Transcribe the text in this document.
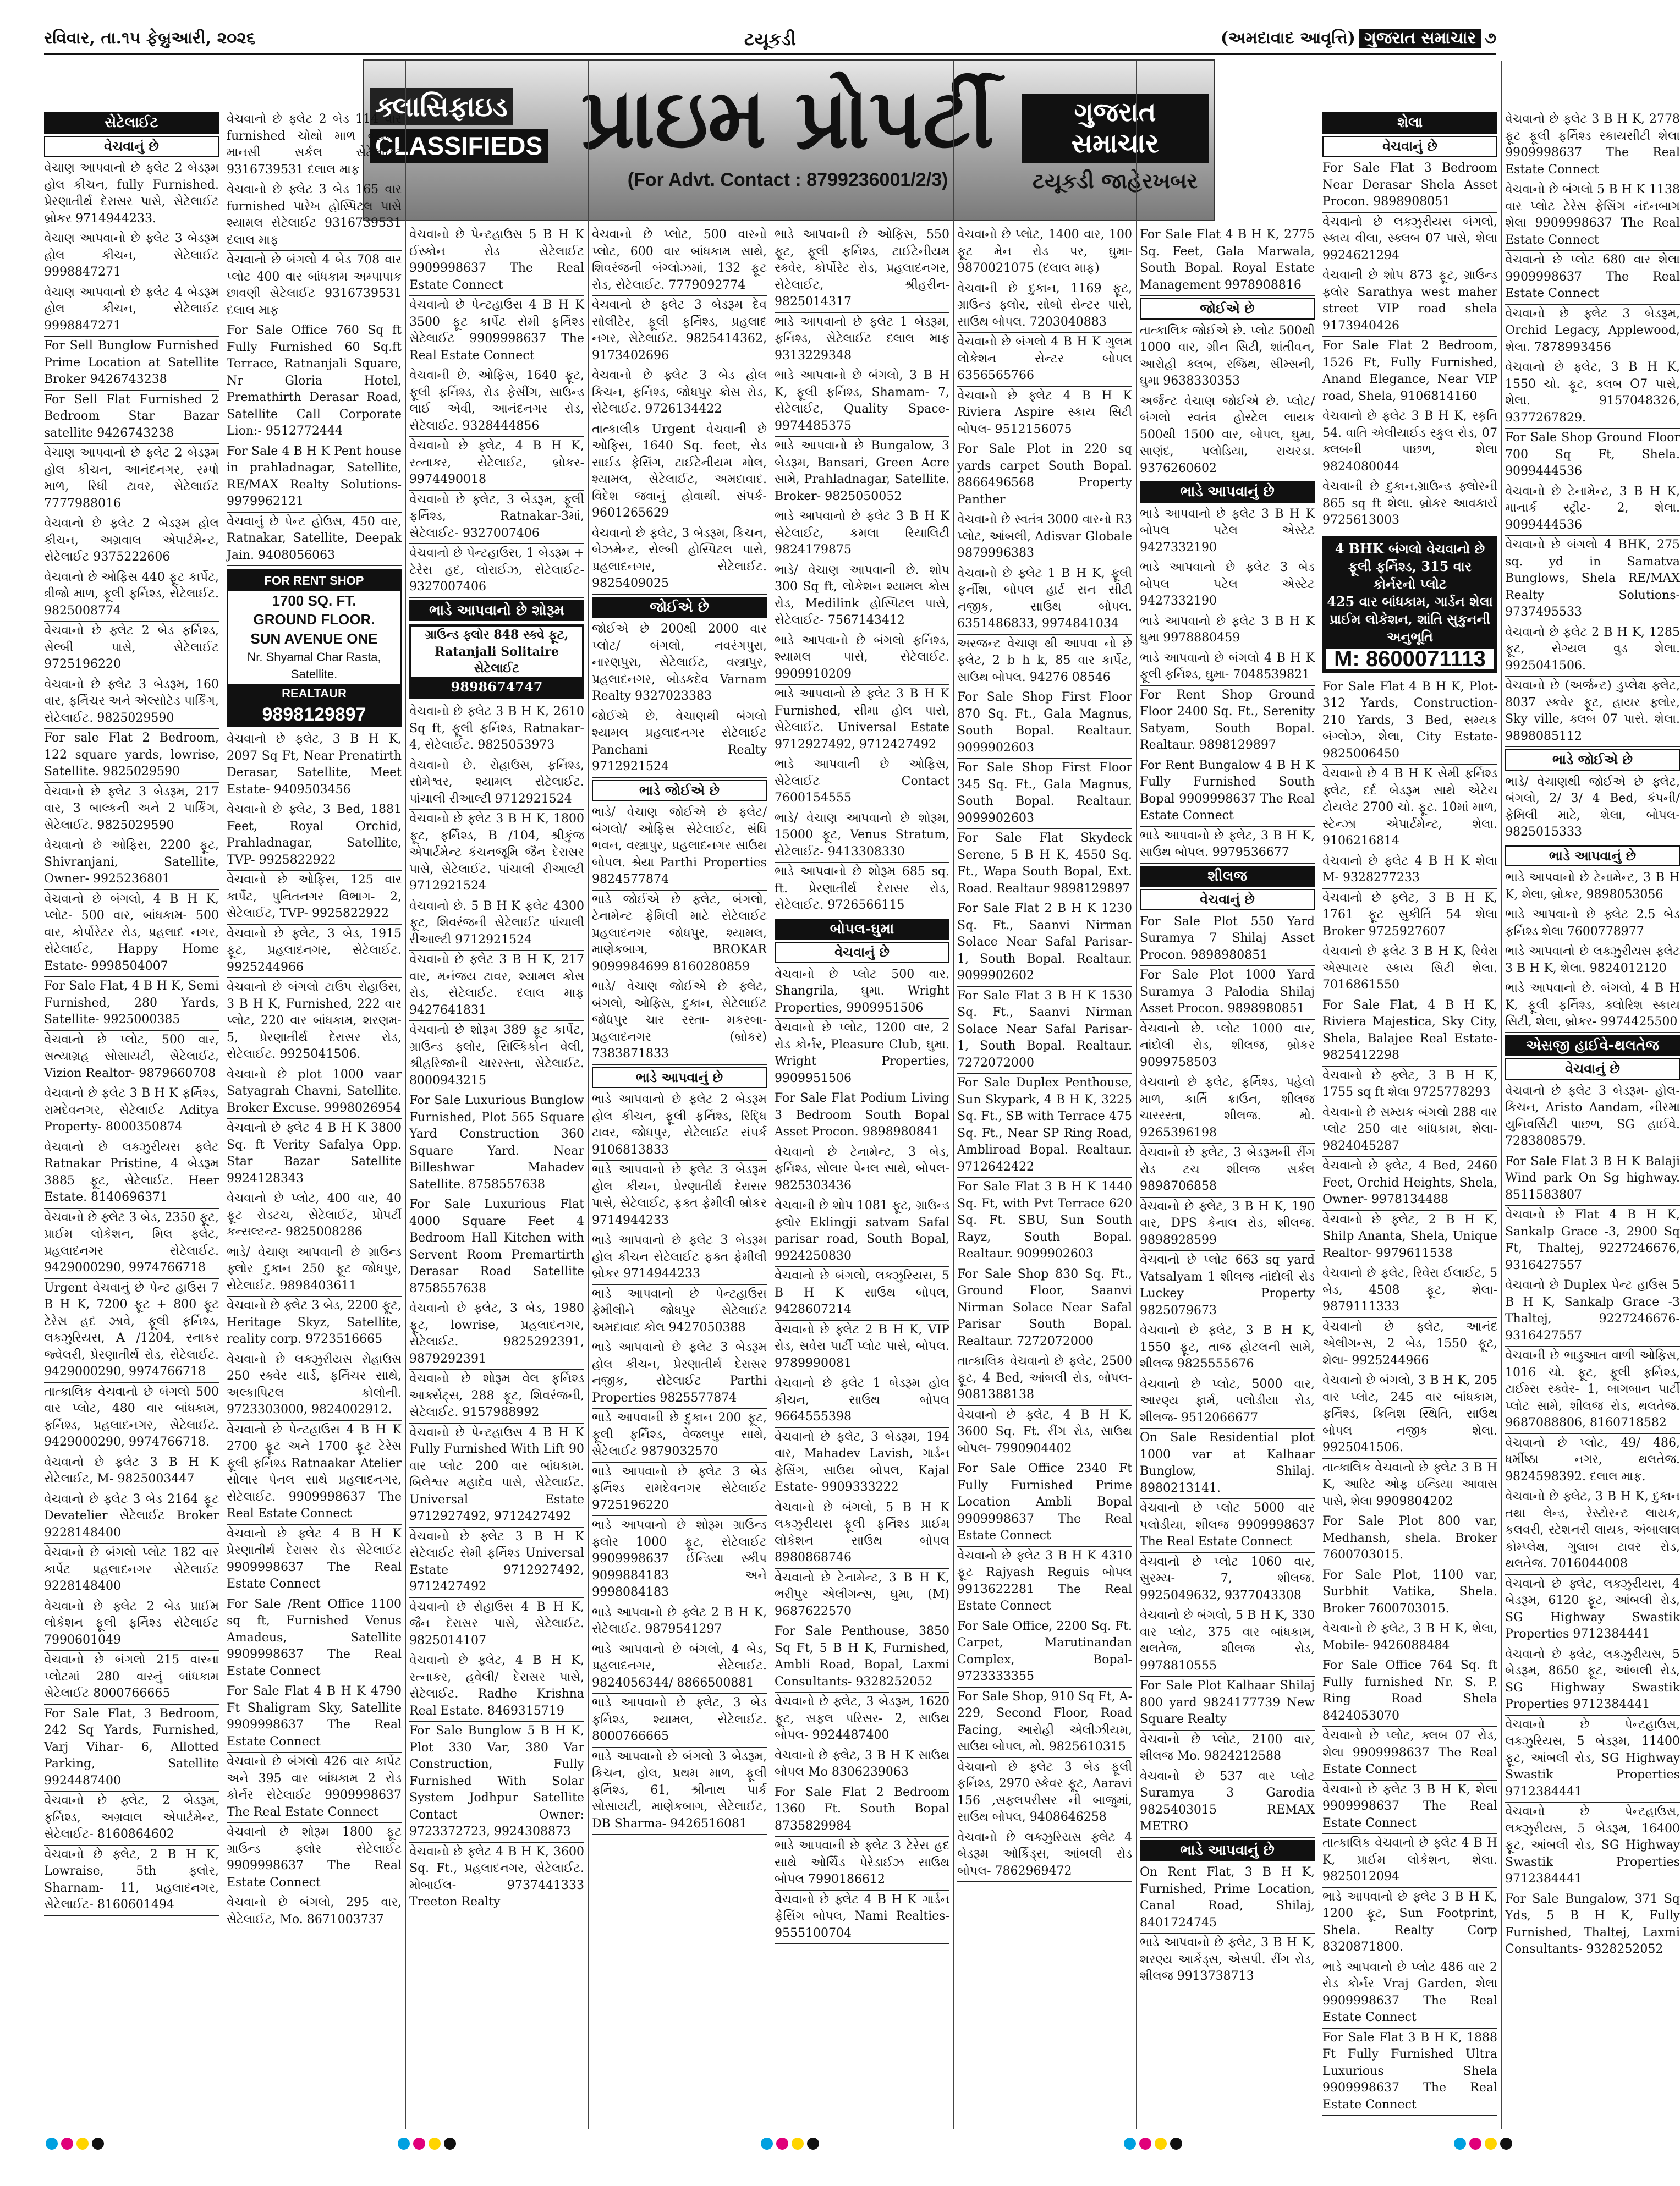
રવિવાર, તા.૧૫ ફેબ્રુઆરી, ૨૦૨૬	ટયૂકડી	(અમદાવાદ આવૃત્તિ) ગુજરાત સમાચાર ૭
ક્લાસિફાઇડ CLASSIFIEDS પ્રાઇમ પ્રોપર્ટી
(For Advt. Contact : 8799236001/2/3)
ગુજરાત સમાચાર
ટયૂકડી જાહેરખબર
સેટેલાઈટ
વેચવાનું છે
વેચાણ આપવાનો છે ફ્લેટ 2 બેડરૂમ હોલ કીચન, fully Furnished. પ્રેરણાતીર્થ દેરાસર પાસે, સેટેલાઈટ બ્રોકર 9714944233.
વેચાણ આપવાનો છે ફ્લેટ 3 બેડરૂમ હોલ કીચન, સેટેલાઈટ 9998847271
વેચાણ આપવાનો છે ફ્લેટ 4 બેડરૂમ હોલ કીચન, સેટેલાઈટ 9998847271
For Sell Bunglow Furnished Prime Location at Satellite Broker 9426743238
For Sell Flat Furnished 2 Bedroom Star Bazar satellite 9426743238
વેચાણ આપવાનો છે ફ્લેટ 2 બેડરૂમ હોલ કીચન, આનંદનગર, રમ્પો માળ, રિધી ટાવર, સેટેલાઈટ 7777988016
વેચવાનો છે ફ્લેટ 2 બેડરૂમ હોલ કીચન, અગ્રવાલ એપાર્ટમેન્ટ, સેટેલાઈટ 9375222606
વેચવાનો છે ઓફિસ 440 ફૂટ કાર્પેટ, ત્રીજો માળ, ફૂલી ફર્નિશ્ડ, સેટેલાઈટ. 9825008774
વેચવાનો છે ફ્લેટ 2 બેડ ફર્નિશ્ડ, સેલ્બી પાસે, સેટેલાઈટ 9725196220
વેચવાનો છે ફ્લેટ 3 બેડરૂમ, 160 વાર, ફર્નિચર અને એલ્સોટેડ પાર્કિંગ, સેટેલાઈટ. 9825029590
For sale Flat 2 Bedroom, 122 square yards, lowrise, Satellite. 9825029590
વેચવાનો છે ફ્લેટ 3 બેડરૂમ, 217 વાર, 3 બાલ્કની અને 2 પાર્કિંગ, સેટેલાઈટ. 9825029590
વેચવાનો છે ઓફિસ, 2200 ફૂટ, Shivranjani, Satellite, Owner- 9925236801
વેચવાનો છે બંગલો, 4 B H K, પ્લોટ- 500 વાર, બાંધકામ- 500 વાર, કોર્પોરેટર રોડ, પ્રહલાદ નગર, સેટેલાઈટ, Happy Home Estate- 9998504007
For Sale Flat, 4 B H K, Semi Furnished, 280 Yards, Satellite- 9925000385
વેચવાનો છે પ્લોટ, 500 વાર, સત્યાગ્રહ સોસાયટી, સેટેલાઈટ, Vizion Realtor- 9879660708
વેચવાનો છે ફ્લેટ 3 B H K ફર્નિશ્ડ, રામદેવનગર, સેટેલાઈટ Aditya Property- 8000350874
વેચવાનો છે લક્ઝુરીયસ ફ્લેટ Ratnakar Pristine, 4 બેડરૂમ 3885 ફૂટ, સેટેલાઈટ. Heer Estate. 8140696371
વેચવાનો છે ફ્લેટ 3 બેડ, 2350 ફૂટ, પ્રાઈમ લોકેશન, મિલ ફ્લેટ, પ્રહલાદનગર સેટેલાઈટ. 9429000290, 9974766718
Urgent વેચવાનું છે પેન્ટ હાઉસ 7 B H K, 7200 ફૂટ + 800 ફૂટ ટેરેસ હદ ઝાવે, ફૂલી ફર્નિશ્ડ, લક્ઝુરિયસ, A /1204, સ્નાકર જ્વેલરી, પ્રેરણાતીર્થ રોડ, સેટેલાઈટ. 9429000290, 9974766718
તાત્કાલિક વેચવાનો છે બંગલો 500 વાર પ્લોટ, 480 વાર બાંધકામ, ફર્નિશ્ડ, પ્રહલાદનગર, સેટેલાઈટ. 9429000290, 9974766718.
વેચવાનો છે ફ્લેટ 3 B H K સેટેલાઈટ, M- 9825003447
વેચવાનો છે ફ્લેટ 3 બેડ 2164 ફૂટ Devatelier સેટેલાઈટ Broker 9228148400
વેચવાનો છે બંગલો પ્લોટ 182 વાર કાર્પેટ પ્રહલાદનગર સેટેલાઈટ 9228148400
વેચવાનો છે ફ્લેટ 2 બેડ પ્રાઈમ લોકેશન ફૂલી ફર્નિશ્ડ સેટેલાઈટ 7990601049
વેચવાનો છે બંગલો 215 વારના પ્લોટમાં 280 વારનું બાંધકામ સેટેલાઈટ 8000766665
For Sale Flat, 3 Bedroom, 242 Sq Yards, Furnished, Varj Vihar- 6, Allotted Parking, Satellite 9924487400
વેચવાનો છે ફ્લેટ, 2 બેડરૂમ, ફર્નિશ્ડ, અગ્રવાલ એપાર્ટમેન્ટ, સેટેલાઈટ- 8160864602
વેચવાનો છે ફ્લેટ, 2 B H K, Lowraise, 5th ફ્લોર, Sharnam- 11, પ્રહલાદનગર, સેટેલાઈટ- 8160601494
વેચવાનો છે ફ્લેટ 2 બેડ 114 વાર furnished ચોથો માળ વૃંદાવન માનસી સર્કલ સેટેલાઈટ 9316739531 દલાલ માફ
વેચવાનો છે ફ્લેટ 3 બેડ 165 વાર furnished પારેખ હોસ્પિટલ પાસે શ્યામલ સેટેલાઈટ 9316739531 દલાલ માફ
વેચવાનો છે બંગલો 4 બેડ 708 વાર પ્લોટ 400 વાર બાંધકામ અમ્પાપાક છાવણી સેટેલાઈટ 9316739531 દલાલ માફ
For Sale Office 760 Sq ft Fully Furnished 60 Sq.ft Terrace, Ratnanjali Square, Nr Gloria Hotel, Premathirth Derasar Road, Satellite Call Corporate Lion:- 9512772444
For Sale 4 B H K Pent house in prahladnagar, Satellite, RE/MAX Realty Solutions- 9979962121
વેચવાનું છે પેન્ટ હોઉસ, 450 વાર, Ratnakar, Satellite, Deepak Jain. 9408056063
FOR RENT SHOP
1700 SQ. FT.
GROUND FLOOR.
SUN AVENUE ONE
Nr. Shyamal Char Rasta, Satellite.
REALTAUR
9898129897
વેચવાનો છે ફ્લેટ, 3 B H K, 2097 Sq Ft, Near Prenatirth Derasar, Satellite, Meet Estate- 9409503456
વેચવાનો છે ફ્લેટ, 3 Bed, 1881 Feet, Royal Orchid, Prahladnagar, Satellite, TVP- 9925822922
વેચવાનો છે ઓફિસ, 125 વાર કાર્પેટ, પુનિતનગર વિભાગ- 2, સેટેલાઈટ, TVP- 9925822922
વેચવાનો છે ફ્લેટ, 3 બેડ, 1915 ફૂટ, પ્રહલાદનગર, સેટેલાઈટ. 9925244966
વેચવાનો છે બંગલો ટાઉપ રોહાઉસ, 3 B H K, Furnished, 222 વાર પ્લોટ, 220 વાર બાંધકામ, શરણમ- 5, પ્રેરણાતીર્થ દેરાસર રોડ, સેટેલાઈટ. 9925041506.
વેચવાનો છે plot 1000 vaar Satyagrah Chavni, Satellite. Broker Excuse. 9998026954
વેચવાનો છે ફ્લેટ 4 B H K 3800 Sq. ft Verity Safalya Opp. Star Bazar Satellite 9924128343
વેચવાનો છે પ્લોટ, 400 વાર, 40 ફૂટ રોડટચ, સેટેલાઈટ, પ્રોપર્ટી કન્સલ્ટન્ટ- 9825008286
ભાડે/ વેચાણ આપવાની છે ગ્રાઉન્ડ ફ્લોર દુકાન 250 ફૂટ જોધપુર, સેટેલાઈટ. 9898403611
વેચવાનો છે ફ્લેટ 3 બેડ, 2200 ફૂટ, Heritage Skyz, Satellite, reality corp. 9723516665
વેચવાનો છે લક્ઝુરીયસ રોહાઉસ 250 સ્ક્વેર યાર્ડ, ફર્નિચર સાથે, અલ્કાપિટલ કોલોની. 9723303000, 9824002912.
વેચવાનો છે પેન્ટહાઉસ 4 B H K 2700 ફૂટ અને 1700 ફૂટ ટેરેસ ફૂલી ફર્નિશ્ડ Ratnaakar Atelier સોલાર પેનલ સાથે પ્રહલાદનગર, સેટેલાઈટ. 9909998637 The Real Estate Connect
વેચવાનો છે ફ્લેટ 4 B H K પ્રેરણાતીર્થ દેરાસર રોડ સેટેલાઈટ 9909998637 The Real Estate Connect
For Sale /Rent Office 1100 sq ft, Furnished Venus Amadeus, Satellite 9909998637 The Real Estate Connect
For Sale Flat 4 B H K 4790 Ft Shaligram Sky, Satellite 9909998637 The Real Estate Connect
વેચવાનો છે બંગલો 426 વાર કાર્પેટ અને 395 વાર બાંધકામ 2 રોડ કોર્નર સેટેલાઈટ 9909998637 The Real Estate Connect
વેચવાનો છે શોરૂમ 1800 ફૂટ ગ્રાઉન્ડ ફ્લોર સેટેલાઈટ 9909998637 The Real Estate Connect
વેચવાનો છે બંગલો, 295 વાર, સેટેલાઈટ, Mo. 8671003737
વેચવાનો છે પેન્ટહાઉસ 5 B H K ઈસ્કોન રોડ સેટેલાઈટ 9909998637 The Real Estate Connect
વેચવાનો છે પેન્ટહાઉસ 4 B H K 3500 ફૂટ કાર્પેટ સેમી ફર્નિશ્ડ સેટેલાઈટ 9909998637 The Real Estate Connect
વેચવાની છે. ઓફિસ, 1640 ફૂટ, ફૂલી ફર્નિશ્ડ, રોડ ફેસીંગ, સાઉન્ડ લાઈ એવી, આનંદનગર રોડ, સેટેલાઈટ. 9328444856
વેચવાનો છે ફ્લેટ, 4 B H K, રત્નાકર, સેટેલાઈટ, બ્રોકર- 9974490018
વેચવાનો છે ફ્લેટ, 3 બેડરૂમ, ફૂલી ફર્નિશ્ડ, Ratnakar-3માં, સેટેલાઈટ- 9327007406
વેચવાનો છે પેન્ટહાઉસ, 1 બેડરૂમ + ટેરેસ હદ, લોરાઈઝ, સેટેલાઈટ- 9327007406
ભાડે આપવાનો છે શોરૂમ
ગ્રાઉન્ડ ફ્લોર 848 સ્ક્વે ફૂટ,
Ratanjali Solitaire
સેટેલાઈટ
9898674747
વેચવાનો છે ફ્લેટ 3 B H K, 2610 Sq ft, ફૂલી ફર્નિશ્ડ, Ratnakar-4, સેટેલાઈટ. 9825053973
વેચવાનો છે. રોહાઉસ, ફર્નિશ્ડ, સોમેશ્વર, શ્યામલ સેટેલાઈટ. પાંચાલી રીઆલ્ટી 9712921524
વેચવાનો છે ફ્લેટ 3 B H K, 1800 ફૂટ, ફર્નિશ્ડ, B /104, શ્રીકુંજ એપાર્ટમેન્ટ કંચનજૂમિ જૈન દેરાસર પાસે, સેટેલાઈટ. પાંચાલી રીઆલ્ટી 9712921524
વેચવાનો છે. 5 B H K ફ્લેટ 4300 ફૂટ, શિવરંજની સેટેલાઈટ પાંચાલી રીઆલ્ટી 9712921524
વેચવાનો છે ફ્લેટ 3 B H K, 217 વાર, મનંજય ટાવર, શ્યામલ ક્રોસ રોડ, સેટેલાઈટ. દલાલ માફ 9427641831
વેચવાનો છે શોરૂમ 389 ફૂટ કાર્પેટ, ગ્રાઉન્ડ ફ્લોર, સિલ્કિકોન વેલી, શ્રીહરિજાની ચારરસ્તા, સેટેલાઈટ. 8000943215
For Sale Luxurious Bunglow Furnished, Plot 565 Square Yard Construction 360 Square Yard. Near Billeshwar Mahadev Satellite. 8758557638
For Sale Luxurious Flat 4000 Square Feet 4 Bedroom Hall Kitchen with Servent Room Premartirth Derasar Road Satellite 8758557638
વેચવાનો છે ફ્લેટ, 3 બેડ, 1980 ફૂટ, lowrise, પ્રહલાદનગર, સેટેલાઈટ. 9825292391, 9879292391
વેચવાનો છે શોરૂમ વેલ ફર્નિશ્ડ આર્ક્સેટ્સ, 288 ફૂટ, શિવરંજની, સેટેલાઈટ. 9157988992
વેચવાનો છે પેન્ટહાઉસ 4 B H K Fully Furnished With Lift 90 વાર પ્લોટ 200 વાર બાંધકામ. બિલેશ્વર મહાદેવ પાસે, સેટેલાઈટ. Universal Estate 9712927492, 9712427492
વેચવાનો છે ફ્લેટ 3 B H K સેટેલાઈટ સેમી ફર્નિશ્ડ Universal Estate 9712927492, 9712427492
વેચવાનો છે રોહાઉસ 4 B H K, જૈન દેરાસર પાસે, સેટેલાઈટ. 9825014107
વેચવાનો છે ફ્લેટ, 4 B H K, રત્નાકર, હવેલી/ દેરાસર પાસે, સેટેલાઈટ. Radhe Krishna Real Estate. 8469315719
For Sale Bunglow 5 B H K, Plot 330 Var, 380 Var Construction, Fully Furnished With Solar System Jodhpur Satellite Contact Owner: 9723372723, 9924308873
વેચવાનો છે ફ્લેટ 4 B H K, 3600 Sq. Ft., પ્રહલાદનગર, સેટેલાઈટ. મોબાઈલ- 9737441333 Treeton Realty
વેચવાનો છે પ્લોટ, 500 વારનો પ્લોટ, 600 વાર બાંધકામ સાથે, શિવરંજની બંગ્લોઝમાં, 132 ફૂટ રોડ, સેટેલાઈટ. 7779092774
વેચવાનો છે ફ્લેટ 3 બેડરૂમ દેવ સોલીટેર, ફૂલી ફર્નિશ્ડ, પ્રહલાદ નગર, સેટેલાઈટ. 9825414362, 9173402696
વેચવાનો છે ફ્લેટ 3 બેડ હોલ કિચન, ફર્નિશ્ડ, જોધપુર ક્રોસ રોડ, સેટેલાઈટ. 9726134422
તાત્કાલીક Urgent વેચવાની છે ઓફિસ, 1640 Sq. feet, રોડ સાઈડ ફેસિંગ, ટાઈટેનીયમ મોલ, શ્યામલ, સેટેલાઈટ, અમદાવાદ. વિદેશ જવાનું હોવાથી. સંપર્ક- 9601265629
વેચવાનો છે ફ્લેટ, 3 બેડરૂમ, કિચન, બેઝમેન્ટ, સેલ્બી હોસ્પિટલ પાસે, પ્રહલાદનગર, સેટેલાઈટ. 9825409025
જોઈએ છે
જોઈએ છે 200થી 2000 વાર પ્લોટ/ બંગલો, નવરંગપુરા, નારણપુરા, સેટેલાઈટ, વસ્ત્રાપુર, પ્રહલાદનગર, બોડકદેવ Varnam Realty 9327023383
જોઈએ છે. વેચાણથી બંગલો શ્યામલ પ્રહલાદનગર સેટેલાઈટ Panchani Realty 9712921524
ભાડે જોઈએ છે
ભાડે/ વેચાણ જોઈએ છે ફ્લેટ/ બંગલો/ ઓફિસ સેટેલાઈટ, સંધિ ભવન, વસ્ત્રાપુર, પ્રહલાદનગર સાઉથ બોપલ. શ્રેયા Parthi Properties 9824577874
ભાડે જોઈએ છે ફ્લેટ, બંગલો, ટેનામેન્ટ ફેમિલી માટે સેટેલાઈટ પ્રહલાદનગર જોધપુર, શ્યામલ, માણેકબાગ, BROKAR 9099984699 8160280859
ભાડે/ વેચાણ જોઈએ છે ફ્લેટ, બંગલો, ઓફિસ, દુકાન, સેટેલાઈટ જોધપુર ચાર રસ્તા- મકરબા- પ્રહલાદનગર (બ્રોકર) 7383871833
ભાડે આપવાનું છે
ભાડે આપવાનો છે ફ્લેટ 2 બેડરૂમ હોલ કીચન, ફૂલી ફર્નિશ્ડ, રિદ્ધિ ટાવર, જોધપુર, સેટેલાઈટ સંપર્ક 9106813833
ભાડે આપવાનો છે ફ્લેટ 3 બેડરૂમ હોલ કીચન, પ્રેરણાતીર્થ દેરાસર પાસે, સેટેલાઈટ, ફક્ત ફેમીલી બ્રોકર 9714944233
ભાડે આપવાનો છે ફ્લેટ 3 બેડરૂમ હોલ કીચન સેટેલાઈટ ફક્ત ફેમીલી બ્રોકર 9714944233
ભાડે આપવાનો છે પેન્ટહાઉસ ફેમીલીને જોધપુર સેટેલાઈટ અમદાવાદ કોલ 9427050388
ભાડે આપવાનો છે ફ્લેટ 3 બેડરૂમ હોલ કીચન, પ્રેરણાતીર્થ દેરાસર નજીક, સેટેલાઈટ Parthi Properties 9825577874
ભાડે આપવાની છે દુકાન 200 ફૂટ, ફૂલી ફર્નિશ્ડ, વેજલપુર સાથે, સેટેલાઈટ 9879032570
ભાડે આપવાનો છે ફ્લેટ 3 બેડ ફર્નિશ્ડ રામદેવનગર સેટેલાઈટ 9725196220
ભાડે આપવાનો છે શોરૂમ ગ્રાઉન્ડ ફ્લોર 1000 ફૂટ, સેટેલાઈટ 9909998637 ઈન્ડિયા સ્કીપ 9099884183 અને 9998084183
ભાડે આપવાનો છે ફ્લેટ 2 B H K, સેટેલાઈટ. 9879541297
ભાડે આપવાનો છે બંગલો, 4 બેડ, પ્રહલાદનગર, સેટેલાઈટ. 9824056344/ 8866500881
ભાડે આપવાનો છે ફ્લેટ, 3 બેડ ફર્નિશ્ડ, શ્યામલ, સેટેલાઈટ. 8000766665
ભાડે આપવાનો છે બંગલો 3 બેડરૂમ, કિચન, હોલ, પ્રથમ માળ, ફૂલી ફર્નિશ્ડ, 61, શ્રીનાથ પાર્ક સોસાયટી, માણેકબાગ, સેટેલાઈટ, DB Sharma- 9426516081
ભાડે આપવાની છે ઓફિસ, 550 ફૂટ, ફૂલી ફર્નિશ્ડ, ટાઈટેનીયમ સ્ક્વેર, કોર્પોરેટ રોડ, પ્રહલાદનગર, સેટેલાઈટ, શ્રીહરીન- 9825014317
ભાડે આપવાનો છે ફ્લેટ 1 બેડરૂમ, ફર્નિશ્ડ, સેટેલાઈટ દલાલ માફ 9313229348
ભાડે આપવાનો છે બંગલો, 3 B H K, ફૂલી ફર્નિશ્ડ, Shamam- 7, સેટેલાઈટ, Quality Space- 9974485375
ભાડે આપવાનો છે Bungalow, 3 બેડરૂમ, Bansari, Green Acre સામે, Prahladnagar, Satellite. Broker- 9825050052
ભાડે આપવાનો છે ફ્લેટ 3 B H K સેટેલાઈટ, કમલા રિયાલિટી 9824179875
ભાડે/ વેચાણ આપવાની છે. શોપ 300 Sq ft, લોકેશન શ્યામલ ક્રોસ રોડ, Medilink હોસ્પિટલ પાસે, સેટેલાઈટ- 7567143412
ભાડે આપવાનો છે બંગલો ફર્નિશ્ડ, શ્યામલ પાસે, સેટેલાઈટ. 9909910209
ભાડે આપવાનો છે ફ્લેટ 3 B H K Furnished, સીમા હોલ પાસે, સેટેલાઈટ. Universal Estate 9712927492, 9712427492
ભાડે આપવાની છે ઓફિસ, સેટેલાઈટ Contact 7600154555
ભાડે/ વેચાણ આપવાનો છે શોરૂમ, 15000 ફૂટ, Venus Stratum, સેટેલાઈટ- 9413308330
ભાડે આપવાનો છે શોરૂમ 685 sq. ft. પ્રેરણાતીર્થ દેરાસર રોડ, સેટેલાઈટ. 9726566115
બોપલ-ઘુમા
વેચવાનું છે
વેચવાનો છે પ્લોટ 500 વાર. Shangrila, ઘુમા. Wright Properties, 9909951506
વેચવાનો છે પ્લોટ, 1200 વાર, 2 રોડ કોર્નર, Pleasure Club, ઘુમા. Wright Properties, 9909951506
For Sale Flat Podium Living 3 Bedroom South Bopal Asset Procon. 9898980841
વેચવાનો છે ટેનામેન્ટ, 3 બેડ, ફર્નિશ્ડ, સોલાર પેનલ સાથે, બોપલ- 9825303436
વેચવાની છે શોપ 1081 ફૂટ, ગ્રાઉન્ડ ફ્લોર Eklingji satvam Safal parisar road, South Bopal, 9924250830
વેચવાનો છે બંગલો, લક્ઝુરિયસ, 5 B H K સાઉથ બોપલ, 9428607214
વેચવાનો છે ફ્લેટ 2 B H K, VIP રોડ, સવેરા પાર્ટી પ્લોટ પાસે, બોપલ. 9789990081
વેચવાનો છે ફ્લેટ 1 બેડરૂમ હોલ કીચન, સાઉથ બોપલ 9664555398
વેચવાનો છે ફ્લેટ, 3 બેડરૂમ, 194 વાર, Mahadev Lavish, ગાર્ડન ફેસિંગ, સાઉથ બોપલ, Kajal Estate- 9909333222
વેચવાનો છે બંગલો, 5 B H K લક્ઝુરીયસ ફૂલી ફર્નિશ્ડ પ્રાઈમ લોકેશન સાઉથ બોપલ 8980868746
વેચવાનો છે ટેનામેન્ટ, 3 B H K, ભરીપુર એલીગન્સ, ઘુમા, (M) 9687622570
For Sale Penthouse, 3850 Sq Ft, 5 B H K, Furnished, Ambli Road, Bopal, Laxmi Consultants- 9328252052
વેચવાનો છે ફ્લેટ, 3 બેડરૂમ, 1620 ફૂટ, સફલ પરિસર- 2, સાઉથ બોપલ- 9924487400
વેચવાનો છે ફ્લેટ, 3 B H K સાઉથ બોપલ Mo 8306239063
For Sale Flat 2 Bedroom 1360 Ft. South Bopal 8735829984
ભાડે આપવાની છે ફ્લેટ 3 ટેરેસ હદ સાથે ઓર્ચિડ પેરેડાઈઝ સાઉથ બોપલ 7990186612
વેચવાનો છે ફ્લેટ 4 B H K ગાર્ડન ફેસિંગ બોપલ, Nami Realties- 9555100704
વેચવાનો છે પ્લોટ, 1400 વાર, 100 ફૂટ મેન રોડ પર, ઘુમા- 9870021075 (દલાલ માફ)
વેચવાની છે દુકાન, 1169 ફૂટ, ગ્રાઉન્ડ ફ્લોર, સોબો સેન્ટર પાસે, સાઉથ બોપલ. 7203040883
વેચવાનો છે બંગલો 4 B H K ગુલમ લોકેશન સેન્ટર બોપલ 6356565766
વેચવાનો છે ફ્લેટ 4 B H K Riviera Aspire સ્કાય સિટી બોપલ- 9512156075
For Sale Plot in 220 sq yards carpet South Bopal. 8866496568 Property Panther
વેચવાનો છે સ્વતંત્ર 3000 વારનો R3 પ્લોટ, આંબલી, Adisvar Globale 9879996383
વેચવાનો છે ફ્લેટ 1 B H K, ફૂલી ફર્નીશ, બોપલ હાર્ટ સન સીટી નજીક, સાઉથ બોપલ. 6351486833, 9974841034
અરજન્ટ વેચાણ થી આપવા નો છે ફ્લેટ, 2 b h k, 85 વાર કાર્પેટ, સાઉથ બોપલ. 94276 08546
For Sale Shop First Floor 870 Sq. Ft., Gala Magnus, South Bopal. Realtaur. 9099902603
For Sale Shop First Floor 345 Sq. Ft., Gala Magnus, South Bopal. Realtaur. 9099902603
For Sale Flat Skydeck Serene, 5 B H K, 4550 Sq. Ft., Wapa South Bopal, Ext. Road. Realtaur 9898129897
For Sale Flat 2 B H K 1230 Sq. Ft., Saanvi Nirman Solace Near Safal Parisar- 1, South Bopal. Realtaur. 9099902602
For Sale Flat 3 B H K 1530 Sq. Ft., Saanvi Nirman Solace Near Safal Parisar- 1, South Bopal. Realtaur. 7272072000
For Sale Duplex Penthouse, Sun Skypark, 4 B H K, 3225 Sq. Ft., SB with Terrace 475 Sq. Ft., Near SP Ring Road, Ambliroad Bopal. Realtaur. 9712642422
For Sale Flat 3 B H K 1440 Sq. Ft, with Pvt Terrace 620 Sq. Ft. SBU, Sun South Rayz, South Bopal. Realtaur. 9099902603
For Sale Shop 830 Sq. Ft., Ground Floor, Saanvi Nirman Solace Near Safal Parisar South Bopal. Realtaur. 7272072000
તાત્કાલિક વેચવાનો છે ફ્લેટ, 2500 ફૂટ, 4 Bed, આંબલી રોડ, બોપલ- 9081388138
વેચવાનો છે ફ્લેટ, 4 B H K, 3600 Sq. Ft. રીંગ રોડ, સાઉથ બોપલ- 7990904402
For Sale Office 2340 Ft Fully Furnished Prime Location Ambli Bopal 9909998637 The Real Estate Connect
વેચવાનો છે ફ્લેટ 3 B H K 4310 ફૂટ Rajyash Reguis બોપલ 9913622281 The Real Estate Connect
For Sale Office, 2200 Sq. Ft. Carpet, Marutinandan Complex, Bopal- 9723333355
For Sale Shop, 910 Sq Ft, A- 229, Second Floor, Road Facing, આરોહી એલીઝીયમ, સાઉથ બોપલ, મો. 9825610315
વેચવાનો છે ફ્લેટ 3 બેડ ફૂલી ફર્નિશ્ડ, 2970 સ્કેવર ફૂટ, Aaravi 156 ,સફલપરીસર ની બાજુમાં, સાઉથ બોપલ, 9408646258
વેચવાનો છે લક્ઝુરિયસ ફ્લેટ 4 બેડરૂમ ઓર્કિડ્સ, આંબલી રોડ બોપલ- 7862969472
For Sale Flat 4 B H K, 2775 Sq. Feet, Gala Marwala, South Bopal. Royal Estate Management 9978908816
જોઈએ છે
તાત્કાલિક જોઈએ છે. પ્લોટ 500થી 1000 વાર, ગ્રીન સિટી, શાંતીવન, આરોહી ક્લબ, રજિથ, સીમ્સની, ઘુમા 9638330353
અર્જન્ટ વેચાણ જોઈએ છે. પ્લોટ/ બંગલો સ્વતંત્ર હોસ્ટેલ લાયક 500થી 1500 વાર, બોપલ, ઘુમા, સાણંદ, પલોડિયા, રાચરડા. 9376260602
ભાડે આપવાનું છે
ભાડે આપવાનો છે ફ્લેટ 3 B H K બોપલ પટેલ એસ્ટેટ 9427332190
ભાડે આપવાનો છે ફ્લેટ 3 બેડ બોપલ પટેલ એસ્ટેટ 9427332190
ભાડે આપવાનો છે ફ્લેટ 3 B H K ઘુમા 9978880459
ભાડે આપવાનો છે બંગલો 4 B H K ફૂલી ફર્નિશ્ડ, ઘુમા- 7048539821
For Rent Shop Ground Floor 2400 Sq. Ft., Serenity Satyam, South Bopal. Realtaur. 9898129897
For Rent Bungalow 4 B H K Fully Furnished South Bopal 9909998637 The Real Estate Connect
ભાડે આપવાનો છે ફ્લેટ, 3 B H K, સાઉથ બોપલ. 9979536677
શીલજ
વેચવાનું છે
For Sale Plot 550 Yard Suramya 7 Shilaj Asset Procon. 9898980851
For Sale Plot 1000 Yard Suramya 3 Palodia Shilaj Asset Procon. 9898980851
વેચવાનો છે. પ્લોટ 1000 વાર, નાંદોલી રોડ, શીલજ, બ્રોકર 9099758503
વેચવાનો છે ફ્લેટ, ફર્નિશ્ડ, પહેલો માળ, કાર્તિ ક્રાઉન, શીલજ ચારરસ્તા, શીલજ. મો. 9265396198
વેચવાનો છે ફ્લેટ, 3 બેડરૂમની રીંગ રોડ ટચ શીલજ સર્કલ 9898706858
વેચવાનો છે ફ્લેટ, 3 B H K, 190 વાર, DPS કેનાલ રોડ, શીલજ. 9898928599
વેચવાનો છે પ્લોટ 663 sq yard Vatsalyam 1 શીલજ નાંદોલી રોડ Luckey Property 9825079673
વેચવાનો છે ફ્લેટ, 3 B H K, 1550 ફૂટ, તાજ હોટલની સામે, શીલજ 9825555676
વેચવાનો છે પ્લોટ, 5000 વાર, આરણ્ય ફાર્મ, પલોડીયા રોડ, શીલજ- 9512066677
On Sale Residential plot 1000 var at Kalhaar Bunglow, Shilaj. 8980213141.
વેચવાનો છે પ્લોટ 5000 વાર પલોડીયા, શીલજ 9909998637 The Real Estate Connect
વેચવાનો છે પ્લોટ 1060 વાર, સુરમ્ય- 7, શીલજ. 9925049632, 9377043308
વેચવાનો છે બંગલો, 5 B H K, 330 વાર પ્લોટ, 375 વાર બાંધકામ, થલતેજ, શીલજ રોડ, 9978810555
For Sale Plot Kalhaar Shilaj 800 yard 9824177739 New Square Realty
વેચવાનો છે પ્લોટ, 2100 વાર, શીલજ Mo. 9824212588
વેચવાનો છે 537 વાર પ્લોટ Suramya 3 Garodia 9825403015 REMAX METRO
ભાડે આપવાનું છે
On Rent Flat, 3 B H K, Furnished, Prime Location, Canal Road, Shilaj, 8401724745
ભાડે આપવાનો છે ફ્લેટ, 3 B H K, શરણ્ય આર્કેડ્સ, એસપી. રીંગ રોડ, શીલજ 9913738713
શેલા
વેચવાનું છે
For Sale Flat 3 Bedroom Near Derasar Shela Asset Procon. 9898908051
વેચવાનો છે લક્ઝુરીયસ બંગલો, સ્કાય વીલા, સ્ક્લબ 07 પાસે, શેલા 9924621294
વેચવાની છે શોપ 873 ફૂટ, ગ્રાઉન્ડ ફ્લોર Sarathya west maher street VIP road shela 9173940426
For Sale Flat 2 Bedroom, 1526 Ft, Fully Furnished, Anand Elegance, Near VIP road, Shela, 9106814160
વેચવાનો છે ફ્લેટ 3 B H K, સ્કૃતિ 54. વાતિ એલીયાઈડ સ્કુલ રોડ, 07 ક્લબની પાછળ, શેલા 9824080044
વેચવાની છે દુકાન.ગ્રાઉન્ડ ફ્લોરની 865 sq ft શેલા. બ્રોકર આવકાર્ય 9725613003
4 BHK બંગલો વેચવાનો છે
ફૂલી ફર્નિશ્ડ, 315 વાર કોર્નરનો પ્લોટ
425 વાર બાંધકામ, ગાર્ડન શેલા
પ્રાઈમ લોકેશન, શાંતિ સુકુનની અનુભૂતિ
M: 8600071113
For Sale Flat 4 B H K, Plot- 312 Yards, Construction- 210 Yards, 3 Bed, સમ્યક બંગ્લોઝ, શેલા, City Estate- 9825006450
વેચવાનો છે 4 B H K સેમી ફર્નિશ્ડ ફ્લેટ, દર્દ બેડરૂમ સાથે એટેચ ટોયલેટ 2700 ચો. ફૂટ. 10માં માળ, સ્ટેન્ઝા એપાર્ટમેન્ટ, શેલા. 9106216814
વેચવાનો છે ફ્લેટ 4 B H K શેલા M- 9328277233
વેચવાનો છે ફ્લેટ, 3 B H K, 1761 ફૂટ સુકીર્તિ 54 શેલા Broker 9725927607
વેચવાનો છે ફ્લેટ 3 B H K, રિવેરા એસ્પાયર સ્કાય સિટી શેલા. 7016861550
For Sale Flat, 4 B H K, Riviera Majestica, Sky City, Shela, Balajee Real Estate- 9825412298
વેચવાનો છે ફ્લેટ, 3 B H K, 1755 sq ft શેલા 9725778293
વેચવાનો છે સમ્યક બંગલો 288 વાર પ્લોટ 250 વાર બાંધકામ, શેલા- 9824045287
વેચવાનો છે ફ્લેટ, 4 Bed, 2460 Feet, Orchid Heights, Shela, Owner- 9978134488
વેચવાનો છે ફ્લેટ, 2 B H K, Shilp Ananta, Shela, Unique Realtor- 9979611538
વેચવાનો છે ફ્લેટ, રિવેરા ઈલાઈટ, 5 બેડ, 4508 ફૂટ, શેલા- 9879111333
વેચવાનો છે ફ્લેટ, આનંદ એલીગન્સ, 2 બેડ, 1550 ફૂટ, શેલા- 9925244966
વેચવાનો છે બંગલો, 3 B H K, 205 વાર પ્લોટ, 245 વાર બાંધકામ, ફર્નિશ્ડ, ક્રિનિશ સ્થિતિ, સાઉથ બોપલ નજીક શેલા. 9925041506.
તાત્કાલિક વેચવાનો છે ફ્લેટ 3 B H K, આરિટ ઓફ ઇન્ડિયા આવાસ પાસે, શેલા 9909804202
For Sale Plot 800 var, Medhansh, shela. Broker 7600703015.
For Sale Plot, 1100 var, Surbhit Vatika, Shela. Broker 7600703015.
વેચવાનો છે ફ્લેટ, 3 B H K, શેલા, Mobile- 9426088484
For Sale Office 764 Sq. ft Fully furnished Nr. S. P. Ring Road Shela 8424053070
વેચવાનો છે પ્લોટ, ક્લબ 07 રોડ, શેલા 9909998637 The Real Estate Connect
વેચવાનો છે ફ્લેટ 3 B H K, શેલા 9909998637 The Real Estate Connect
તાત્કાલિક વેચવાનો છે ફ્લેટ 4 B H K, પ્રાઈમ લોકેશન, શેલા. 9825012094
ભાડે આપવાનો છે ફ્લેટ 3 B H K, 1200 ફૂટ, Sun Footprint, Shela. Realty Corp 8320871800.
ભાડે આપવાનો છે પ્લોટ 486 વાર 2 રોડ કોર્નર Vraj Garden, શેલા 9909998637 The Real Estate Connect
For Sale Flat 3 B H K, 1888 Ft Fully Furnished Ultra Luxurious Shela 9909998637 The Real Estate Connect
વેચવાનો છે ફ્લેટ 3 B H K, 2778 ફૂટ ફૂલી ફર્નિશ્ડ સ્કાયસીટી શેલા 9909998637 The Real Estate Connect
વેચવાનો છે બંગલો 5 B H K 1138 વાર પ્લોટ ટેરેસ ફેસિંગ નંદનબાગ શેલા 9909998637 The Real Estate Connect
વેચવાનો છે પ્લોટ 680 વાર શેલા 9909998637 The Real Estate Connect
વેચવાનો છે ફ્લેટ 3 બેડરૂમ, Orchid Legacy, Applewood, શેલા. 7878993456
વેચવાનો છે ફ્લેટ, 3 B H K, 1550 ચો. ફૂટ, ક્લબ O7 પાસે, શેલા. 9157048326, 9377267829.
For Sale Shop Ground Floor 700 Sq Ft, Shela. 9099444536
વેચવાનો છે ટેનામેન્ટ, 3 B H K, માનાર્ક સ્ટ્રીટ- 2, શેલા. 9099444536
વેચવાનો છે બંગલો 4 BHK, 275 sq. yd in Samatva Bunglows, Shela RE/MAX Realty Solutions- 9737495533
વેચવાનો છે ફ્લેટ 2 B H K, 1285 ફૂટ, સેગ્યલ વુડ શેલા. 9925041506.
વેચવાનો છે (અર્જન્ટ) ડુપ્લેક્ષ ફ્લેટ, 8037 સ્કવેર ફૂટ, હાયર ફ્લોર, Sky ville, ક્લબ 07 પાસે. શેલા. 9898085112
ભાડે જોઈએ છે
ભાડે/ વેચાણથી જોઈએ છે ફ્લેટ, બંગલો, 2/ 3/ 4 Bed, કંપની/ ફેમિલી માટે, શેલા, બોપલ- 9825015333
ભાડે આપવાનું છે
ભાડે આપવાનો છે ટેનામેન્ટ, 3 B H K, શેલા, બ્રોકર, 9898053056
ભાડે આપવાનો છે ફ્લેટ 2.5 બેડ ફર્નિશ્ડ શેલા 7600778977
ભાડે આપવાનો છે લક્ઝુરીયસ ફ્લેટ 3 B H K, શેલા. 9824012120
ભાડે આપવાનો છે. બંગલો, 4 B H K, ફૂલી ફર્નિશ્ડ, ક્લોરિશ સ્કાય સિટી, શેલા, બ્રોકર- 9974425500
એસજી હાઈવે-થલતેજ
વેચવાનું છે
વેચવાનો છે ફ્લેટ 3 બેડરૂમ- હોલ- કિચન, Aristo Aandam, નીરમા યુનિવર્સિટી પાછળ, SG હાઈવે. 7283808579.
For Sale Flat 3 B H K Balaji Wind park On Sg highway. 8511583807
વેચવાનો છે Flat 4 B H K, Sankalp Grace -3, 2900 Sq Ft, Thaltej, 9227246676, 9316427557
વેચવાનો છે Duplex પેન્ટ હાઉસ 5 B H K, Sankalp Grace -3 Thaltej, 9227246676- 9316427557
વેચવાની છે ભાડુઆત વાળી ઓફિસ, 1016 ચો. ફૂટ, ફૂલી ફર્નિશ્ડ, ટાઈમ્સ સ્ક્વેર- 1, બાગબાન પાર્ટી પ્લોટ સામે, શીલજ રોડ, થલતેજ. 9687088806, 8160718582
વેચવાનો છે પ્લોટ, 49/ 486, ધર્મીષ્ઠા નગર, થલતેજ. 9824598392. દલાલ માફ.
વેચવાનો છે ફ્લેટ, 3 B H K, દુકાન તથા લેન્ડ, રેસ્ટોરન્ટ લાયક, કલવરી, સ્ટેશનરી લાયક, અંબાલાલ કોમ્પ્લેક્ષ, ગુલાબ ટાવર રોડ, થલતેજ. 7016044008
વેચવાનો છે ફ્લેટ, લક્ઝુરીયસ, 4 બેડરૂમ, 6120 ફૂટ, આંબલી રોડ, SG Highway Swastik Properties 9712384441
વેચવાનો છે ફ્લેટ, લક્ઝુરીયસ, 5 બેડરૂમ, 8650 ફૂટ, આંબલી રોડ, SG Highway Swastik Properties 9712384441
વેચવાનો છે પેન્ટહાઉસ, લક્ઝુરિયસ, 5 બેડરૂમ, 11400 ફૂટ, આંબલી રોડ, SG Highway Swastik Properties 9712384441
વેચવાનો છે પેન્ટહાઉસ, લક્ઝુરીયસ, 5 બેડરૂમ, 16400 ફૂટ, આંબલી રોડ, SG Highway Swastik Properties 9712384441
For Sale Bungalow, 371 Sq Yds, 5 B H K, Fully Furnished, Thaltej, Laxmi Consultants- 9328252052
